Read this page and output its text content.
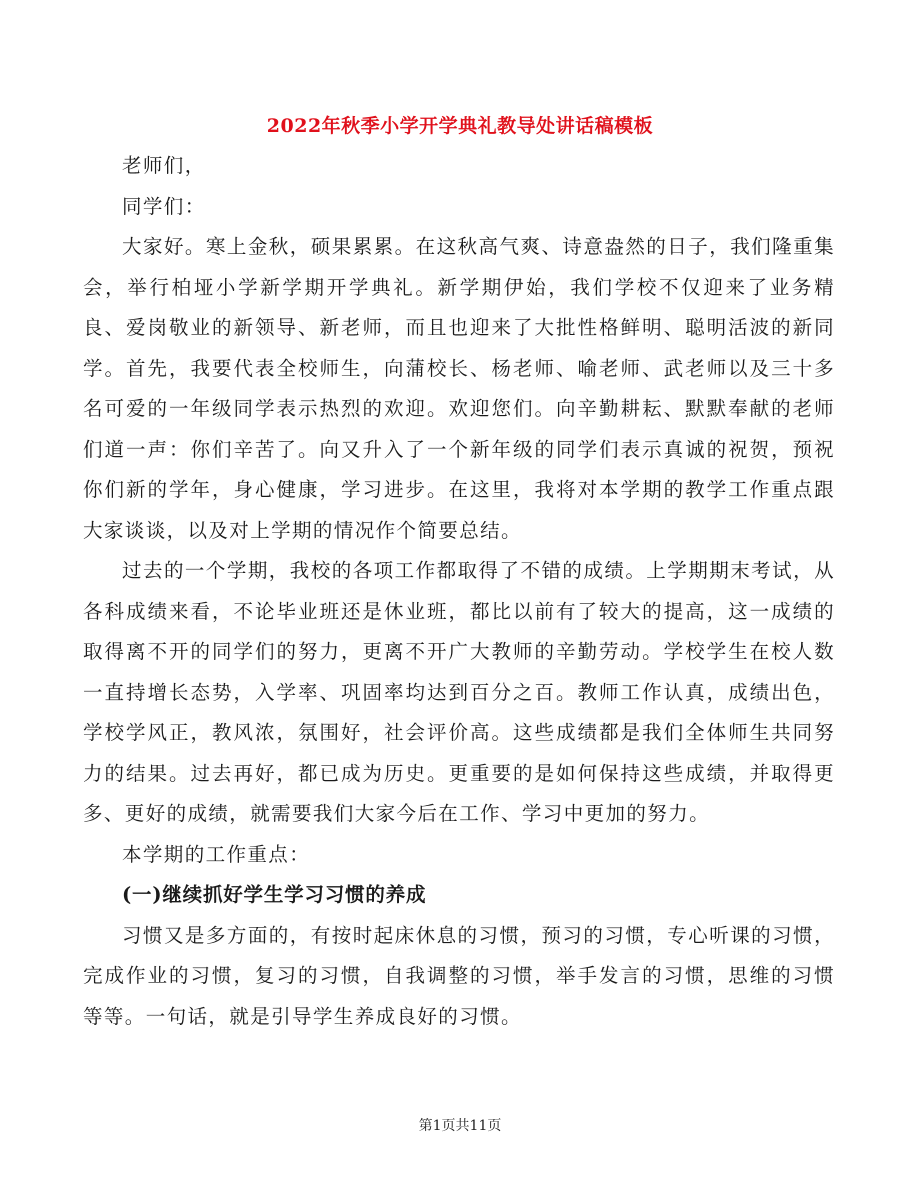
2022年秋季小学开学典礼教导处讲话稿模板

老师们，

同学们：

大家好。寒上金秋，硕果累累。在这秋高气爽、诗意盎然的日子，我们隆重集会，举行柏垭小学新学期开学典礼。新学期伊始，我们学校不仅迎来了业务精良、爱岗敬业的新领导、新老师，而且也迎来了大批性格鲜明、聪明活波的新同学。首先，我要代表全校师生，向蒲校长、杨老师、喻老师、武老师以及三十多名可爱的一年级同学表示热烈的欢迎。欢迎您们。向辛勤耕耘、默默奉献的老师们道一声：你们辛苦了。向又升入了一个新年级的同学们表示真诚的祝贺，预祝你们新的学年，身心健康，学习进步。在这里，我将对本学期的教学工作重点跟大家谈谈，以及对上学期的情况作个简要总结。

过去的一个学期，我校的各项工作都取得了不错的成绩。上学期期末考试，从各科成绩来看，不论毕业班还是休业班，都比以前有了较大的提高，这一成绩的取得离不开的同学们的努力，更离不开广大教师的辛勤劳动。学校学生在校人数一直持增长态势，入学率、巩固率均达到百分之百。教师工作认真，成绩出色，学校学风正，教风浓，氛围好，社会评价高。这些成绩都是我们全体师生共同努力的结果。过去再好，都已成为历史。更重要的是如何保持这些成绩，并取得更多、更好的成绩，就需要我们大家今后在工作、学习中更加的努力。

本学期的工作重点：

(一)继续抓好学生学习习惯的养成

习惯又是多方面的，有按时起床休息的习惯，预习的习惯，专心听课的习惯，完成作业的习惯，复习的习惯，自我调整的习惯，举手发言的习惯，思维的习惯等等。一句话，就是引导学生养成良好的习惯。

第1页共11页
